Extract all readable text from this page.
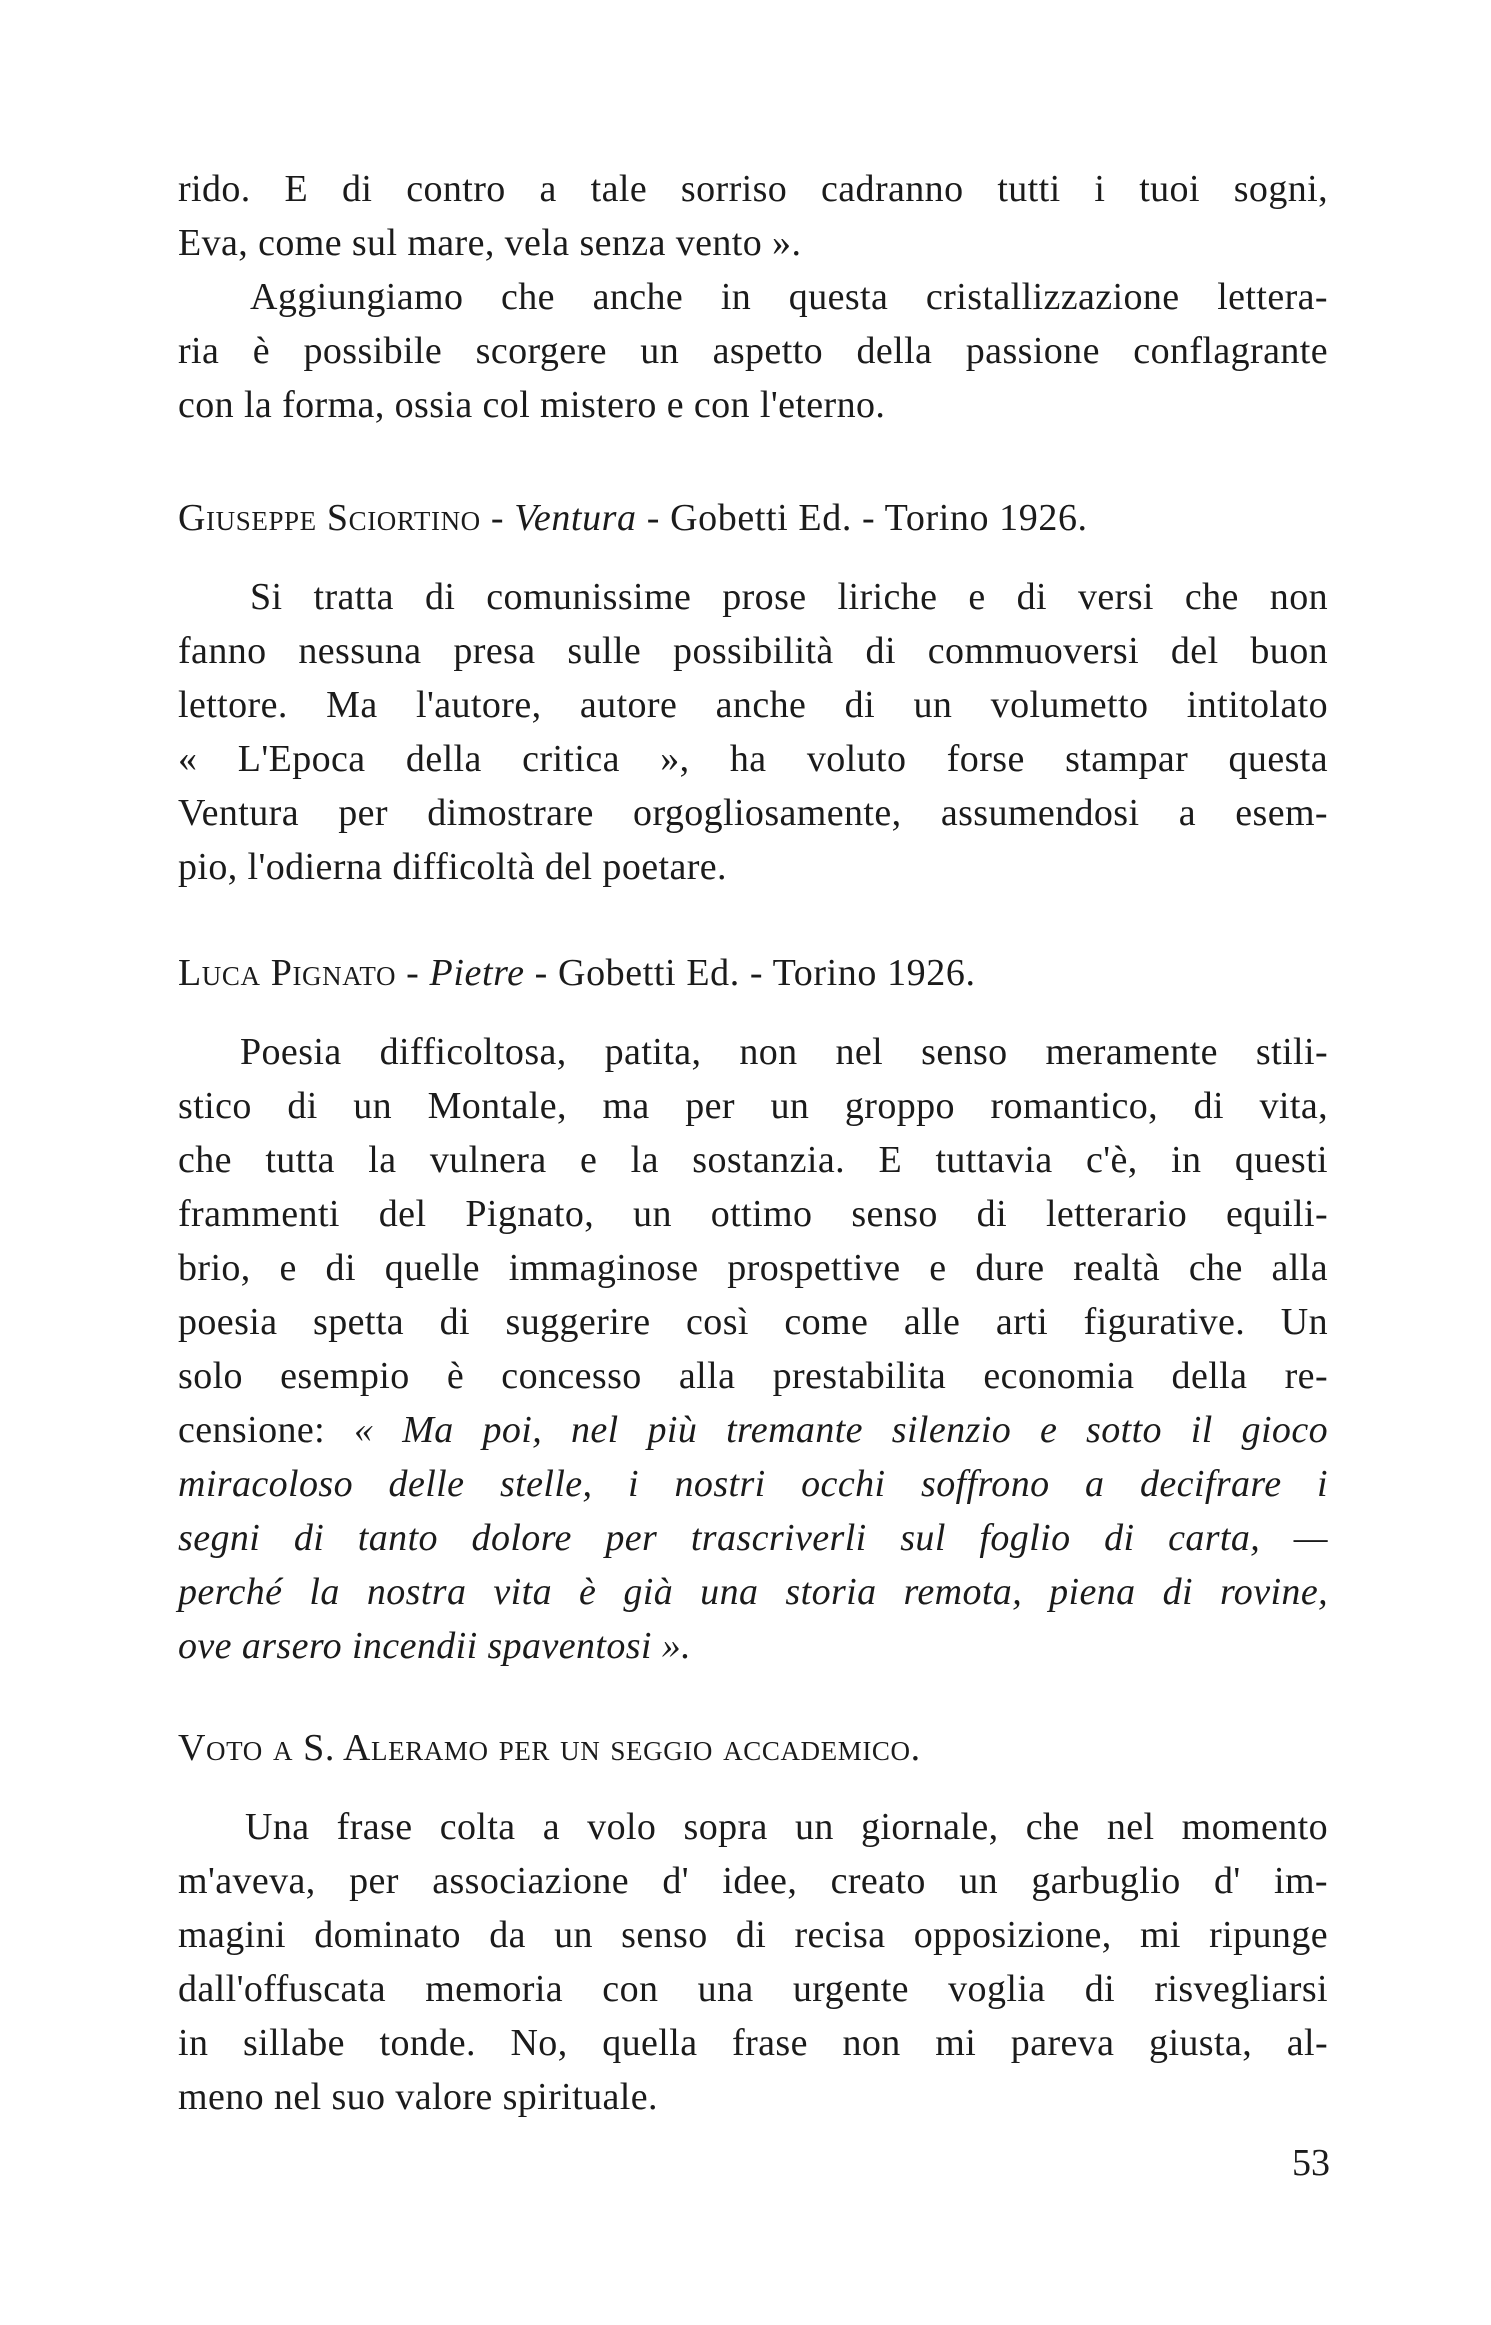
rido. E di contro a tale sorriso cadranno tutti i tuoi sogni,
Eva, come sul mare, vela senza vento ».
Aggiungiamo che anche in questa cristallizzazione lettera-
ria è possibile scorgere un aspetto della passione conflagrante
con la forma, ossia col mistero e con l'eterno.
Giuseppe Sciortino - Ventura - Gobetti Ed. - Torino 1926.
Si tratta di comunissime prose liriche e di versi che non
fanno nessuna presa sulle possibilità di commuoversi del buon
lettore. Ma l'autore, autore anche di un volumetto intitolato
« L'Epoca della critica », ha voluto forse stampar questa
Ventura per dimostrare orgogliosamente, assumendosi a esem-
pio, l'odierna difficoltà del poetare.
Luca Pignato - Pietre - Gobetti Ed. - Torino 1926.
Poesia difficoltosa, patita, non nel senso meramente stili-
stico di un Montale, ma per un groppo romantico, di vita,
che tutta la vulnera e la sostanzia. E tuttavia c'è, in questi
frammenti del Pignato, un ottimo senso di letterario equili-
brio, e di quelle immaginose prospettive e dure realtà che alla
poesia spetta di suggerire così come alle arti figurative. Un
solo esempio è concesso alla prestabilita economia della re-
censione: « Ma poi, nel più tremante silenzio e sotto il gioco
miracoloso delle stelle, i nostri occhi soffrono a decifrare i
segni di tanto dolore per trascriverli sul foglio di carta, —
perché la nostra vita è già una storia remota, piena di rovine,
ove arsero incendii spaventosi ».
Voto a S. Aleramo per un seggio accademico.
Una frase colta a volo sopra un giornale, che nel momento
m'aveva, per associazione d' idee, creato un garbuglio d' im-
magini dominato da un senso di recisa opposizione, mi ripunge
dall'offuscata memoria con una urgente voglia di risvegliarsi
in sillabe tonde. No, quella frase non mi pareva giusta, al-
meno nel suo valore spirituale.
53
